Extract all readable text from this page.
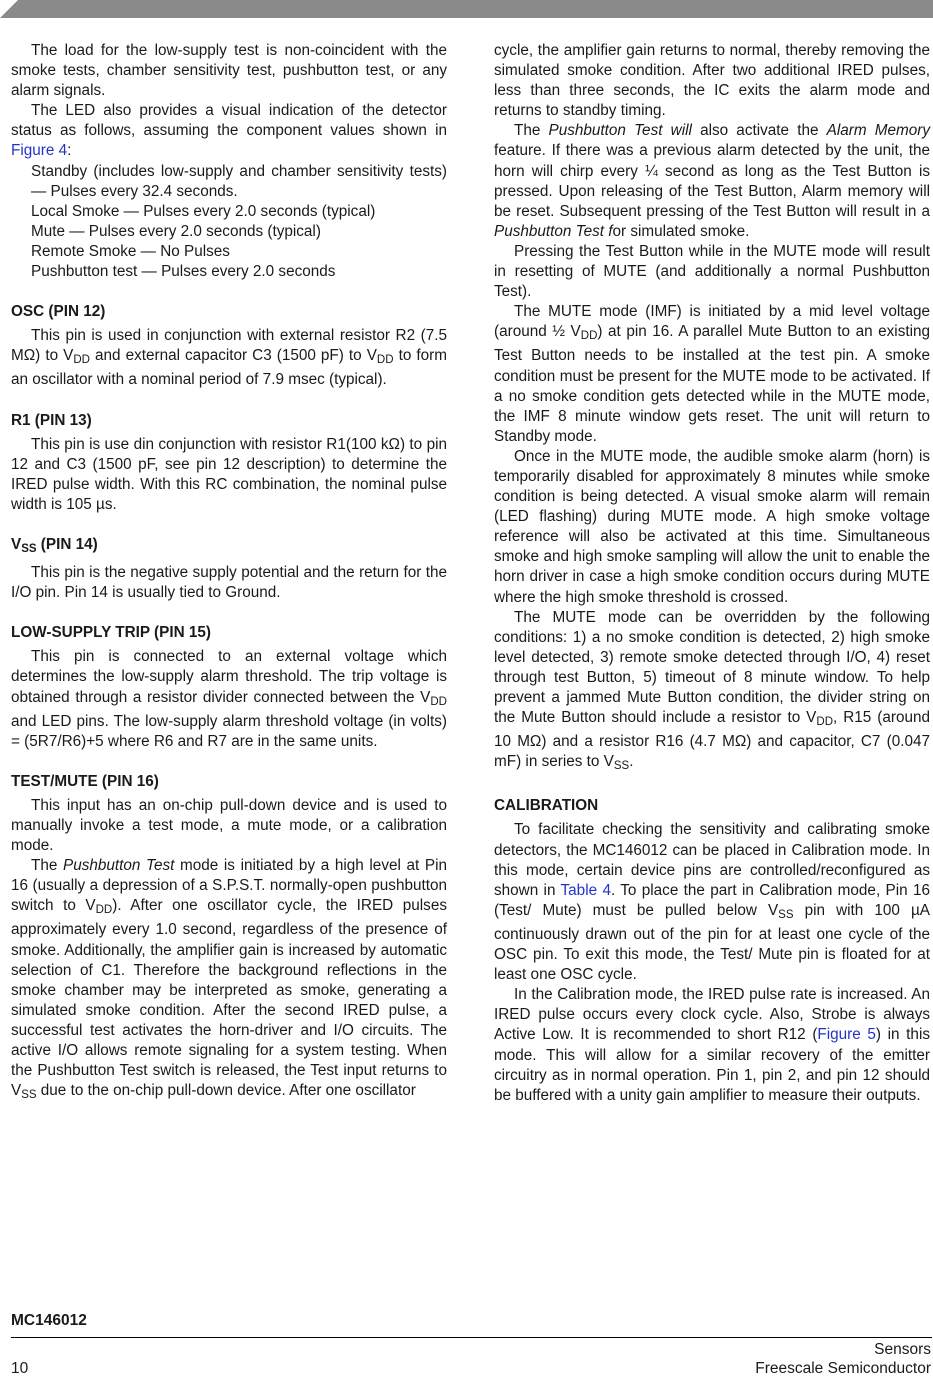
The load for the low-supply test is non-coincident with the smoke tests, chamber sensitivity test, pushbutton test, or any alarm signals.

The LED also provides a visual indication of the detector status as follows, assuming the component values shown in Figure 4:

Standby (includes low-supply and chamber sensitivity tests) — Pulses every 32.4 seconds.

Local Smoke — Pulses every 2.0 seconds (typical)

Mute — Pulses every 2.0 seconds (typical)

Remote Smoke — No Pulses

Pushbutton test — Pulses every 2.0 seconds

OSC (PIN 12)

This pin is used in conjunction with external resistor R2 (7.5 MΩ) to $V_{DD}$ and external capacitor C3 (1500 pF) to $V_{DD}$ to form an oscillator with a nominal period of 7.9 msec (typical).

R1 (PIN 13)

This pin is use din conjunction with resistor R1(100 kΩ) to pin 12 and C3 (1500 pF, see pin 12 description) to determine the IRED pulse width. With this RC combination, the nominal pulse width is 105 µs.

$V_{SS}$ (PIN 14)

This pin is the negative supply potential and the return for the I/O pin. Pin 14 is usually tied to Ground.

LOW-SUPPLY TRIP (PIN 15)

This pin is connected to an external voltage which determines the low-supply alarm threshold. The trip voltage is obtained through a resistor divider connected between the $V_{DD}$ and LED pins. The low-supply alarm threshold voltage (in volts) = (5R7/R6)+5 where R6 and R7 are in the same units.

TEST/MUTE (PIN 16)

This input has an on-chip pull-down device and is used to manually invoke a test mode, a mute mode, or a calibration mode.

The Pushbutton Test mode is initiated by a high level at Pin 16 (usually a depression of a S.P.S.T. normally-open pushbutton switch to $V_{DD}$). After one oscillator cycle, the IRED pulses approximately every 1.0 second, regardless of the presence of smoke. Additionally, the amplifier gain is increased by automatic selection of C1. Therefore the background reflections in the smoke chamber may be interpreted as smoke, generating a simulated smoke condition. After the second IRED pulse, a successful test activates the horn-driver and I/O circuits. The active I/O allows remote signaling for a system testing. When the Pushbutton Test switch is released, the Test input returns to $V_{SS}$ due to the on-chip pull-down device. After one oscillator

cycle, the amplifier gain returns to normal, thereby removing the simulated smoke condition. After two additional IRED pulses, less than three seconds, the IC exits the alarm mode and returns to standby timing.

The Pushbutton Test will also activate the Alarm Memory feature. If there was a previous alarm detected by the unit, the horn will chirp every ¼ second as long as the Test Button is pressed. Upon releasing of the Test Button, Alarm memory will be reset. Subsequent pressing of the Test Button will result in a Pushbutton Test for simulated smoke.

Pressing the Test Button while in the MUTE mode will result in resetting of MUTE (and additionally a normal Pushbutton Test).

The MUTE mode (IMF) is initiated by a mid level voltage (around ½ $V_{DD}$) at pin 16. A parallel Mute Button to an existing Test Button needs to be installed at the test pin. A smoke condition must be present for the MUTE mode to be activated. If a no smoke condition gets detected while in the MUTE mode, the IMF 8 minute window gets reset. The unit will return to Standby mode.

Once in the MUTE mode, the audible smoke alarm (horn) is temporarily disabled for approximately 8 minutes while smoke condition is being detected. A visual smoke alarm will remain (LED flashing) during MUTE mode. A high smoke voltage reference will also be activated at this time. Simultaneous smoke and high smoke sampling will allow the unit to enable the horn driver in case a high smoke condition occurs during MUTE where the high smoke threshold is crossed.

The MUTE mode can be overridden by the following conditions: 1) a no smoke condition is detected, 2) high smoke level detected, 3) remote smoke detected through I/O, 4) reset through test Button, 5) timeout of 8 minute window. To help prevent a jammed Mute Button condition, the divider string on the Mute Button should include a resistor to $V_{DD}$, R15 (around 10 MΩ) and a resistor R16 (4.7 MΩ) and capacitor, C7 (0.047 mF) in series to $V_{SS}$.

CALIBRATION

To facilitate checking the sensitivity and calibrating smoke detectors, the MC146012 can be placed in Calibration mode. In this mode, certain device pins are controlled/reconfigured as shown in Table 4. To place the part in Calibration mode, Pin 16 (Test/ Mute) must be pulled below $V_{SS}$ pin with 100 µA continuously drawn out of the pin for at least one cycle of the OSC pin. To exit this mode, the Test/ Mute pin is floated for at least one OSC cycle.

In the Calibration mode, the IRED pulse rate is increased. An IRED pulse occurs every clock cycle. Also, Strobe is always Active Low. It is recommended to short R12 (Figure 5) in this mode. This will allow for a similar recovery of the emitter circuitry as in normal operation. Pin 1, pin 2, and pin 12 should be buffered with a unity gain amplifier to measure their outputs.

MC146012
10
Sensors
Freescale Semiconductor
